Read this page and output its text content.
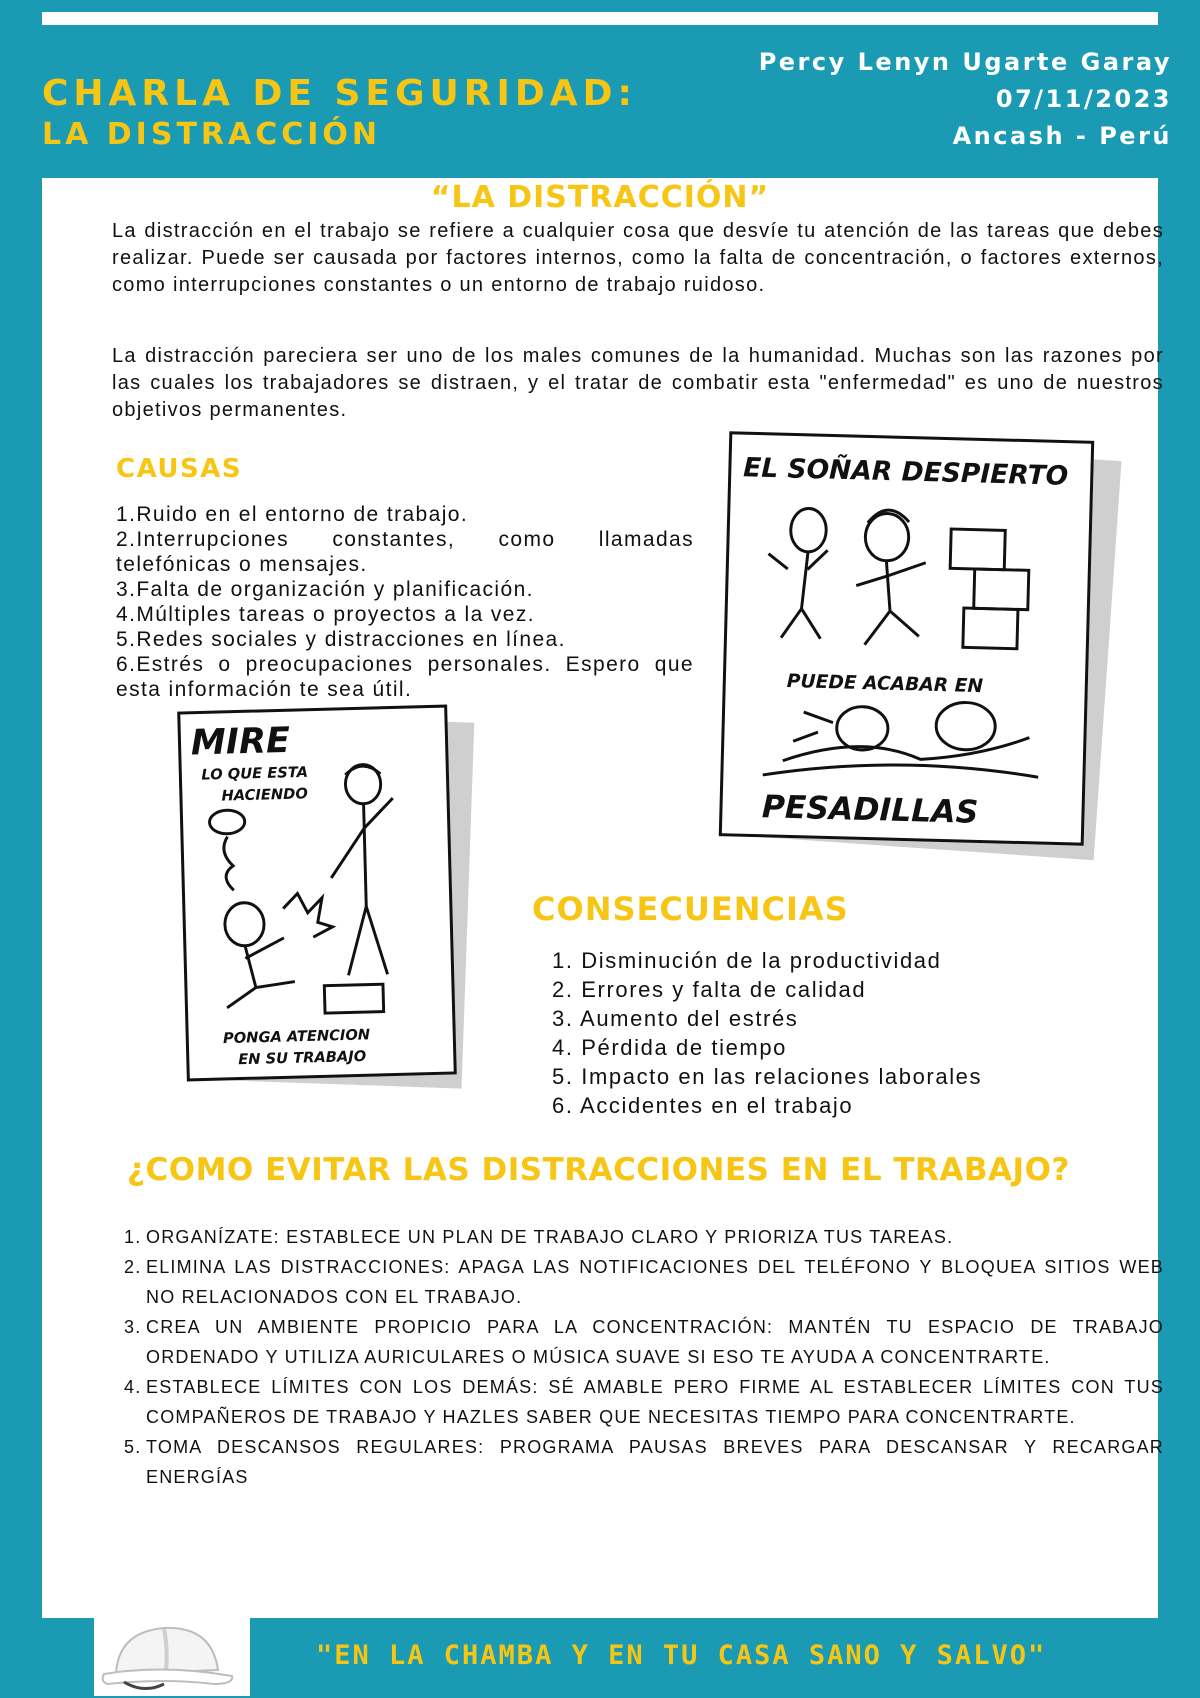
CHARLA DE SEGURIDAD:
LA DISTRACCIÓN
Percy Lenyn Ugarte Garay
07/11/2023
Ancash - Perú
“LA DISTRACCIÓN”

La distracción en el trabajo se refiere a cualquier cosa que desvíe tu atención de las tareas que debes realizar. Puede ser causada por factores internos, como la falta de concentración, o factores externos, como interrupciones constantes o un entorno de trabajo ruidoso.

La distracción pareciera ser uno de los males comunes de la humanidad. Muchas son las razones por las cuales los trabajadores se distraen, y el tratar de combatir esta "enfermedad" es uno de nuestros objetivos permanentes.

CAUSAS
1.Ruido en el entorno de trabajo.
2.Interrupciones constantes, como llamadas telefónicas o mensajes.
3.Falta de organización y planificación.
4.Múltiples tareas o proyectos a la vez.
5.Redes sociales y distracciones en línea.
6.Estrés o preocupaciones personales. Espero que esta información te sea útil.
EL SOÑAR DESPIERTO
PUEDE ACABAR EN
PESADILLAS
MIRE
LO QUE ESTA
HACIENDO
PONGA ATENCION
EN SU TRABAJO
CONSECUENCIAS
1. Disminución de la productividad
2. Errores y falta de calidad
3. Aumento del estrés
4. Pérdida de tiempo
5. Impacto en las relaciones laborales
6. Accidentes en el trabajo
¿COMO EVITAR LAS DISTRACCIONES EN EL TRABAJO?
1. ORGANÍZATE: ESTABLECE UN PLAN DE TRABAJO CLARO Y PRIORIZA TUS TAREAS.
2. ELIMINA LAS DISTRACCIONES: APAGA LAS NOTIFICACIONES DEL TELÉFONO Y BLOQUEA SITIOS WEB NO RELACIONADOS CON EL TRABAJO.
3. CREA UN AMBIENTE PROPICIO PARA LA CONCENTRACIÓN: MANTÉN TU ESPACIO DE TRABAJO ORDENADO Y UTILIZA AURICULARES O MÚSICA SUAVE SI ESO TE AYUDA A CONCENTRARTE.
4. ESTABLECE LÍMITES CON LOS DEMÁS: SÉ AMABLE PERO FIRME AL ESTABLECER LÍMITES CON TUS COMPAÑEROS DE TRABAJO Y HAZLES SABER QUE NECESITAS TIEMPO PARA CONCENTRARTE.
5. TOMA DESCANSOS REGULARES: PROGRAMA PAUSAS BREVES PARA DESCANSAR Y RECARGAR ENERGÍAS
"EN LA CHAMBA Y EN TU CASA SANO Y SALVO"
